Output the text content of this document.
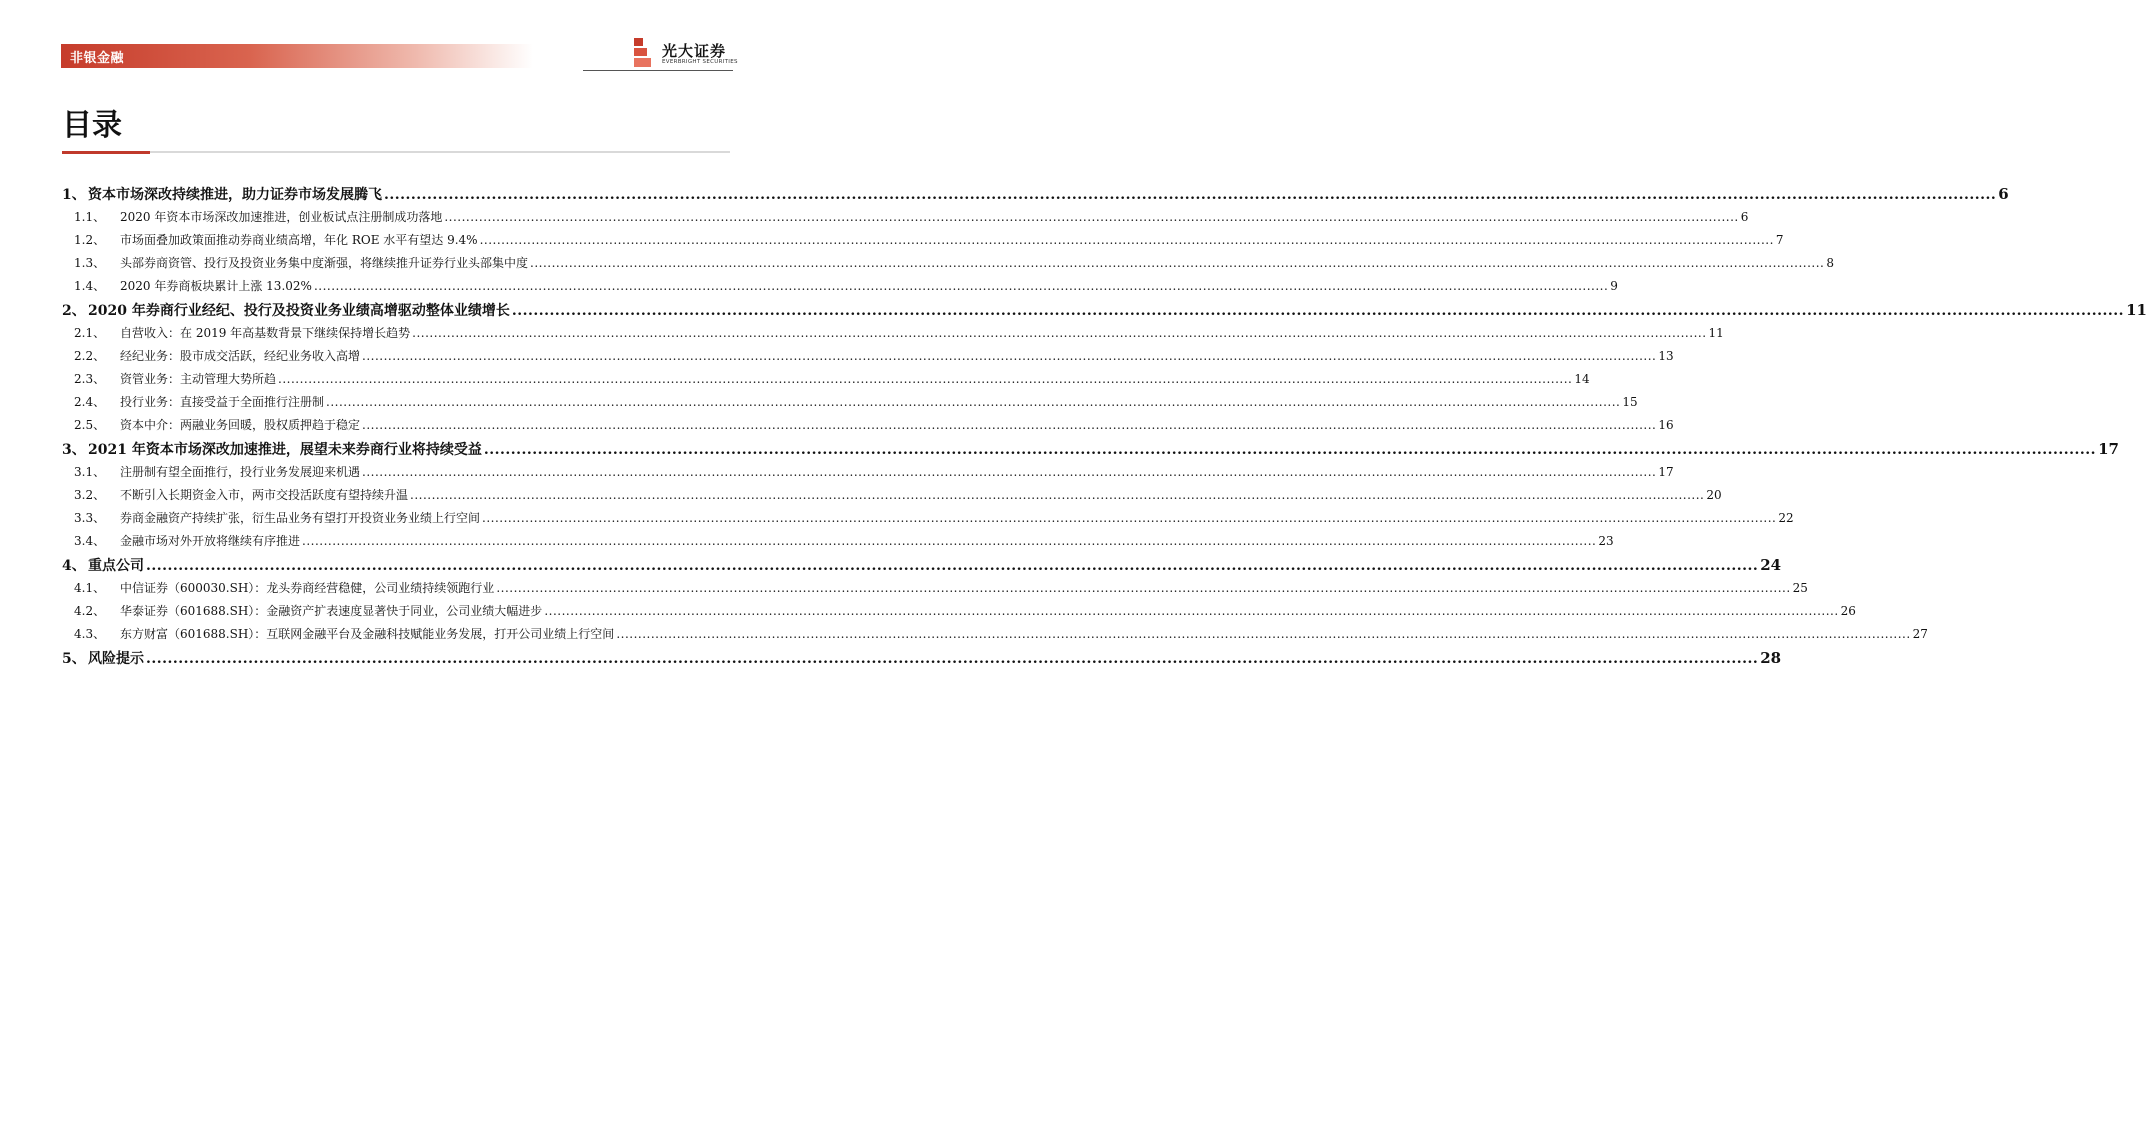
非银金融	光大证券
EVERBRIGHT SECURITIES
目录
1、 资本市场深改持续推进，助力证券市场发展腾飞 ............................................................................................................................................................................................................................................................................................................ 6
1.1、	2020 年资本市场深改加速推进，创业板试点注册制成功落地 ............................................................................................................................................................................................................................................................................................................ 6
1.2、	市场面叠加政策面推动券商业绩高增，年化 ROE 水平有望达 9.4% ............................................................................................................................................................................................................................................................................................................ 7
1.3、	头部券商资管、投行及投资业务集中度渐强，将继续推升证券行业头部集中度 ............................................................................................................................................................................................................................................................................................................ 8
1.4、	2020 年券商板块累计上涨 13.02% ............................................................................................................................................................................................................................................................................................................ 9
2、 2020 年券商行业经纪、投行及投资业务业绩高增驱动整体业绩增长 ............................................................................................................................................................................................................................................................................................................ 11
2.1、	自营收入：在 2019 年高基数背景下继续保持增长趋势 ............................................................................................................................................................................................................................................................................................................ 11
2.2、	经纪业务：股市成交活跃，经纪业务收入高增 ............................................................................................................................................................................................................................................................................................................ 13
2.3、	资管业务：主动管理大势所趋 ............................................................................................................................................................................................................................................................................................................ 14
2.4、	投行业务：直接受益于全面推行注册制 ............................................................................................................................................................................................................................................................................................................ 15
2.5、	资本中介：两融业务回暖，股权质押趋于稳定 ............................................................................................................................................................................................................................................................................................................ 16
3、 2021 年资本市场深改加速推进，展望未来券商行业将持续受益 ............................................................................................................................................................................................................................................................................................................ 17
3.1、	注册制有望全面推行，投行业务发展迎来机遇 ............................................................................................................................................................................................................................................................................................................ 17
3.2、	不断引入长期资金入市，两市交投活跃度有望持续升温 ............................................................................................................................................................................................................................................................................................................ 20
3.3、	券商金融资产持续扩张，衍生品业务有望打开投资业务业绩上行空间 ............................................................................................................................................................................................................................................................................................................ 22
3.4、	金融市场对外开放将继续有序推进 ............................................................................................................................................................................................................................................................................................................ 23
4、 重点公司 ............................................................................................................................................................................................................................................................................................................ 24
4.1、	中信证券（600030.SH）：龙头券商经营稳健，公司业绩持续领跑行业 ............................................................................................................................................................................................................................................................................................................ 25
4.2、	华泰证券（601688.SH）：金融资产扩表速度显著快于同业，公司业绩大幅进步 ............................................................................................................................................................................................................................................................................................................ 26
4.3、	东方财富（601688.SH）：互联网金融平台及金融科技赋能业务发展，打开公司业绩上行空间 ............................................................................................................................................................................................................................................................................................................ 27
5、 风险提示 ............................................................................................................................................................................................................................................................................................................ 28
